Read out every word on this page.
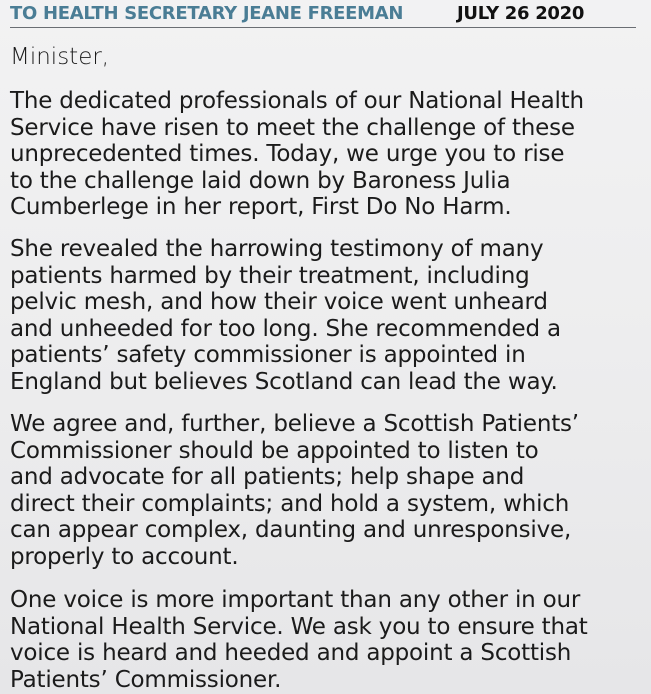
TO HEALTH SECRETARY JEANE FREEMAN	JULY 26 2020

Minister,

The dedicated professionals of our National Health
Service have risen to meet the challenge of these
unprecedented times. Today, we urge you to rise
to the challenge laid down by Baroness Julia
Cumberlege in her report, First Do No Harm.

She revealed the harrowing testimony of many
patients harmed by their treatment, including
pelvic mesh, and how their voice went unheard
and unheeded for too long. She recommended a
patients’ safety commissioner is appointed in
England but believes Scotland can lead the way.

We agree and, further, believe a Scottish Patients’
Commissioner should be appointed to listen to
and advocate for all patients; help shape and
direct their complaints; and hold a system, which
can appear complex, daunting and unresponsive,
properly to account.

One voice is more important than any other in our
National Health Service. We ask you to ensure that
voice is heard and heeded and appoint a Scottish
Patients’ Commissioner.
